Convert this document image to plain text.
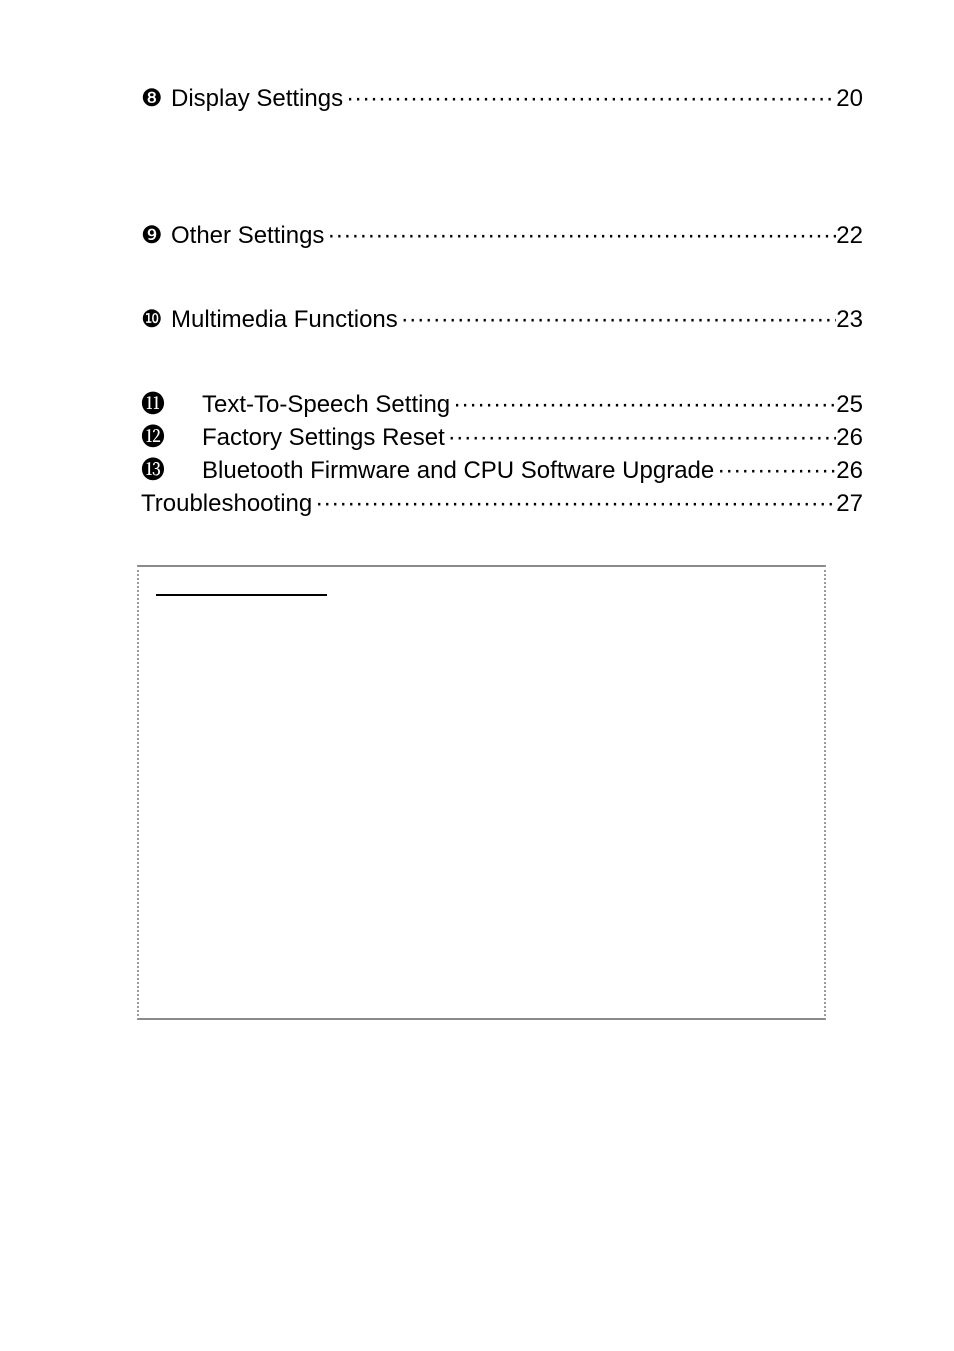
❽ Display Settings ·····	20
❾ Other Settings ·····	22
❿ Multimedia Functions ·····	23
⓫	Text-To-Speech Setting ·····	25
⓬	Factory Settings Reset ·····	26
⓭	Bluetooth Firmware and CPU Software Upgrade ·····	26
Troubleshooting ·····	27
